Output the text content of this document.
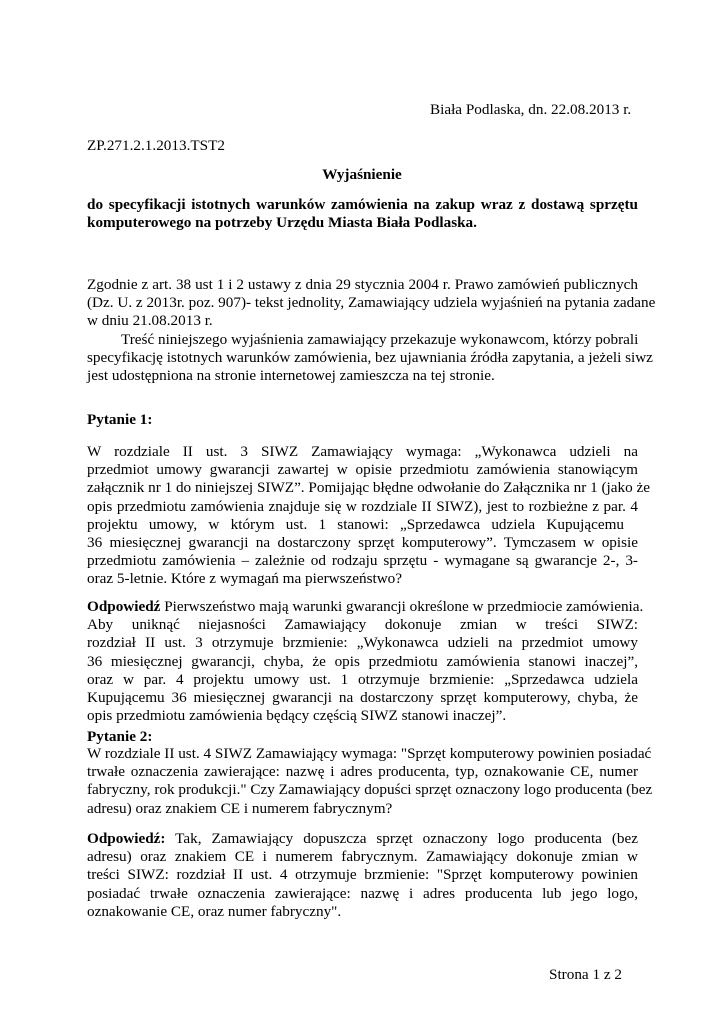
Biała Podlaska, dn. 22.08.2013 r.

ZP.271.2.1.2013.TST2

Wyjaśnienie

do specyfikacji istotnych warunków zamówienia na zakup wraz z dostawą sprzętu
komputerowego na potrzeby Urzędu Miasta Biała Podlaska.
Zgodnie z art. 38 ust 1 i 2 ustawy z dnia 29 stycznia 2004 r. Prawo zamówień publicznych
(Dz. U. z 2013r. poz. 907)- tekst jednolity, Zamawiający udziela wyjaśnień na pytania zadane
w dniu 21.08.2013 r.
Treść niniejszego wyjaśnienia zamawiający przekazuje wykonawcom, którzy pobrali
specyfikację istotnych warunków zamówienia, bez ujawniania źródła zapytania, a jeżeli siwz
jest udostępniona na stronie internetowej zamieszcza na tej stronie.

Pytanie 1:

W rozdziale II ust. 3 SIWZ Zamawiający wymaga: „Wykonawca udzieli na
przedmiot umowy gwarancji zawartej w opisie przedmiotu zamówienia stanowiącym
załącznik nr 1 do niniejszej SIWZ”. Pomijając błędne odwołanie do Załącznika nr 1 (jako że
opis przedmiotu zamówienia znajduje się w rozdziale II SIWZ), jest to rozbieżne z par. 4
projektu umowy, w którym ust. 1 stanowi: „Sprzedawca udziela Kupującemu
36 miesięcznej gwarancji na dostarczony sprzęt komputerowy”. Tymczasem w opisie
przedmiotu zamówienia – zależnie od rodzaju sprzętu - wymagane są gwarancje 2-, 3-
oraz 5-letnie. Które z wymagań ma pierwszeństwo?
Odpowiedź Pierwszeństwo mają warunki gwarancji określone w przedmiocie zamówienia.
Aby uniknąć niejasności Zamawiający dokonuje zmian w treści SIWZ:
rozdział II ust. 3 otrzymuje brzmienie: „Wykonawca udzieli na przedmiot umowy
36 miesięcznej gwarancji, chyba, że opis przedmiotu zamówienia stanowi inaczej”,
oraz w par. 4 projektu umowy ust. 1 otrzymuje brzmienie: „Sprzedawca udziela
Kupującemu 36 miesięcznej gwarancji na dostarczony sprzęt komputerowy, chyba, że
opis przedmiotu zamówienia będący częścią SIWZ stanowi inaczej”.

Pytanie 2:

W rozdziale II ust. 4 SIWZ Zamawiający wymaga: "Sprzęt komputerowy powinien posiadać
trwałe oznaczenia zawierające: nazwę i adres producenta, typ, oznakowanie CE, numer
fabryczny, rok produkcji." Czy Zamawiający dopuści sprzęt oznaczony logo producenta (bez
adresu) oraz znakiem CE i numerem fabrycznym?
Odpowiedź: Tak, Zamawiający dopuszcza sprzęt oznaczony logo producenta (bez
adresu) oraz znakiem CE i numerem fabrycznym. Zamawiający dokonuje zmian w
treści SIWZ: rozdział II ust. 4 otrzymuje brzmienie: "Sprzęt komputerowy powinien
posiadać trwałe oznaczenia zawierające: nazwę i adres producenta lub jego logo,
oznakowanie CE, oraz numer fabryczny".

Strona 1 z 2
